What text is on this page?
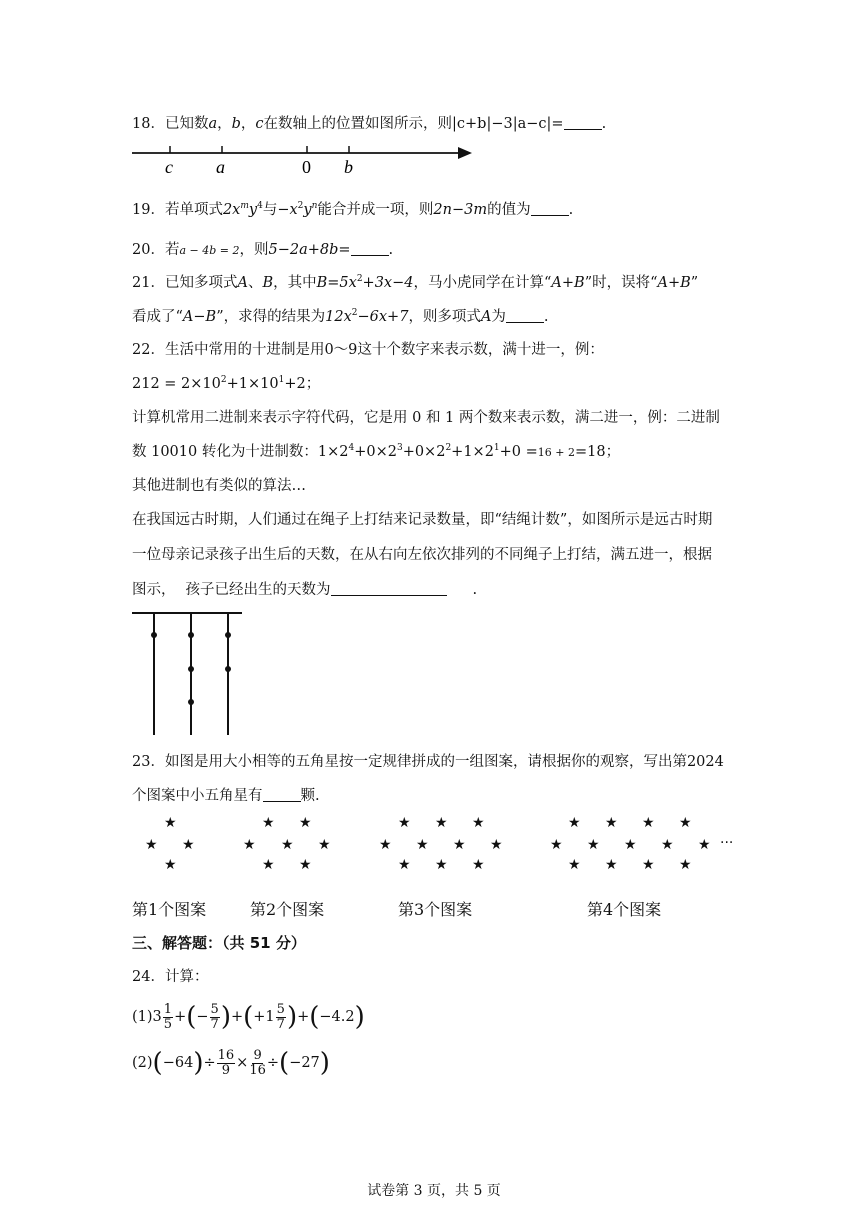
18．已知数a，b，c在数轴上的位置如图所示，则|c+b|−3|a−c|=	.
c a	0 b
19．若单项式$2x^my^4$与$-x^2y^n$能合并成一项，则2n−3m的值为	.
20．若a − 4b = 2，则5−2a+8b=	.
21．已知多项式A、B，其中$B=5x^2+3x-4$，马小虎同学在计算“A+B”时，误将“A+B”
看成了“A−B”，求得的结果为$12x^2-6x+7$，则多项式A为	.
22．生活中常用的十进制是用0～9这十个数字来表示数，满十进一，例：
$212 = 2\times 10^2+1\times 10^1+2$；
计算机常用二进制来表示字符代码，它是用 0 和 1 两个数来表示数，满二进一，例：二进制
数 10010 转化为十进制数：$1\times 2^4+0\times 2^3+0\times 2^2+1\times 2^1+0 =16 + 2=18$；
其他进制也有类似的算法…
在我国远古时期，人们通过在绳子上打结来记录数量，即“结绳计数”，如图所示是远古时期
一位母亲记录孩子出生后的天数，在从右向左依次排列的不同绳子上打结，满五进一，根据
图示， 孩子已经出生的天数为	.
23．如图是用大小相等的五角星按一定规律拼成的一组图案，请根据你的观察，写出第2024
个图案中小五角星有	颗.
★
★ ★
★
★ ★
★ ★ ★
★ ★
★ ★ ★
★ ★ ★ ★
★ ★ ★
★ ★ ★ ★
★ ★ ★ ★ ★
★ ★ ★ ★
···
第1个图案	第2个图案	第3个图案	第4个图案
三、解答题：（共 51 分）
24．计算：
$(1)3 \frac{1}{5}$ +(− $\frac{5}{7} )+(+1 \frac{5}{7} )+(-4.2)$
$(2)(-64)\div \frac{16}{9} \times \frac{9}{16} \div(-27)$
试卷第 3 页，共 5 页
